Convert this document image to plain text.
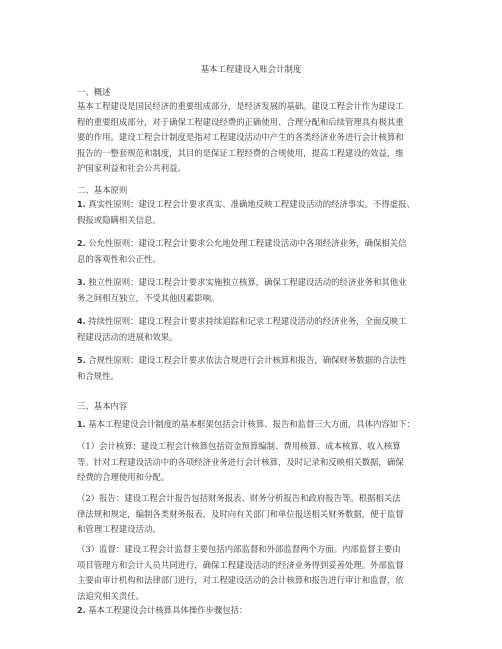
基本工程建设入账会计制度
一、概述
基本工程建设是国民经济的重要组成部分，是经济发展的基础。建设工程会计作为建设工
程的重要组成部分，对于确保工程建设经费的正确使用、合理分配和后续管理具有极其重
要的作用。建设工程会计制度是指对工程建设活动中产生的各类经济业务进行会计核算和
报告的一整套规范和制度，其目的是保证工程经费的合规使用，提高工程建设的效益，维
护国家利益和社会公共利益。
二、基本原则
1. 真实性原则：建设工程会计要求真实、准确地反映工程建设活动的经济事实。不得虚报、
假报或隐瞒相关信息。
2. 公允性原则：建设工程会计要求公允地处理工程建设活动中各项经济业务，确保相关信
息的客观性和公正性。
3. 独立性原则：建设工程会计要求实施独立核算，确保工程建设活动的经济业务和其他业
务之间相互独立，不受其他因素影响。
4. 持续性原则：建设工程会计要求持续追踪和记录工程建设活动的经济业务，全面反映工
程建设活动的进展和效果。
5. 合规性原则：建设工程会计要求依法合规进行会计核算和报告，确保财务数据的合法性
和合规性。
三、基本内容
1. 基本工程建设会计制度的基本框架包括会计核算、报告和监督三大方面，具体内容如下：
（1）会计核算：建设工程会计核算包括资金预算编制、费用核算、成本核算、收入核算
等。针对工程建设活动中的各项经济业务进行会计核算，及时记录和反映相关数据，确保
经费的合理使用和分配。
（2）报告：建设工程会计报告包括财务报表、财务分析报告和政府报告等。根据相关法
律法规和规定，编制各类财务报表，及时向有关部门和单位报送相关财务数据，便于监督
和管理工程建设活动。
（3）监督：建设工程会计监督主要包括内部监督和外部监督两个方面。内部监督主要由
项目管理方和会计人员共同进行，确保工程建设活动的经济业务得到妥善处理。外部监督
主要由审计机构和法律部门进行，对工程建设活动的会计核算和报告进行审计和监督，依
法追究相关责任。
2. 基本工程建设会计核算具体操作步骤包括：
